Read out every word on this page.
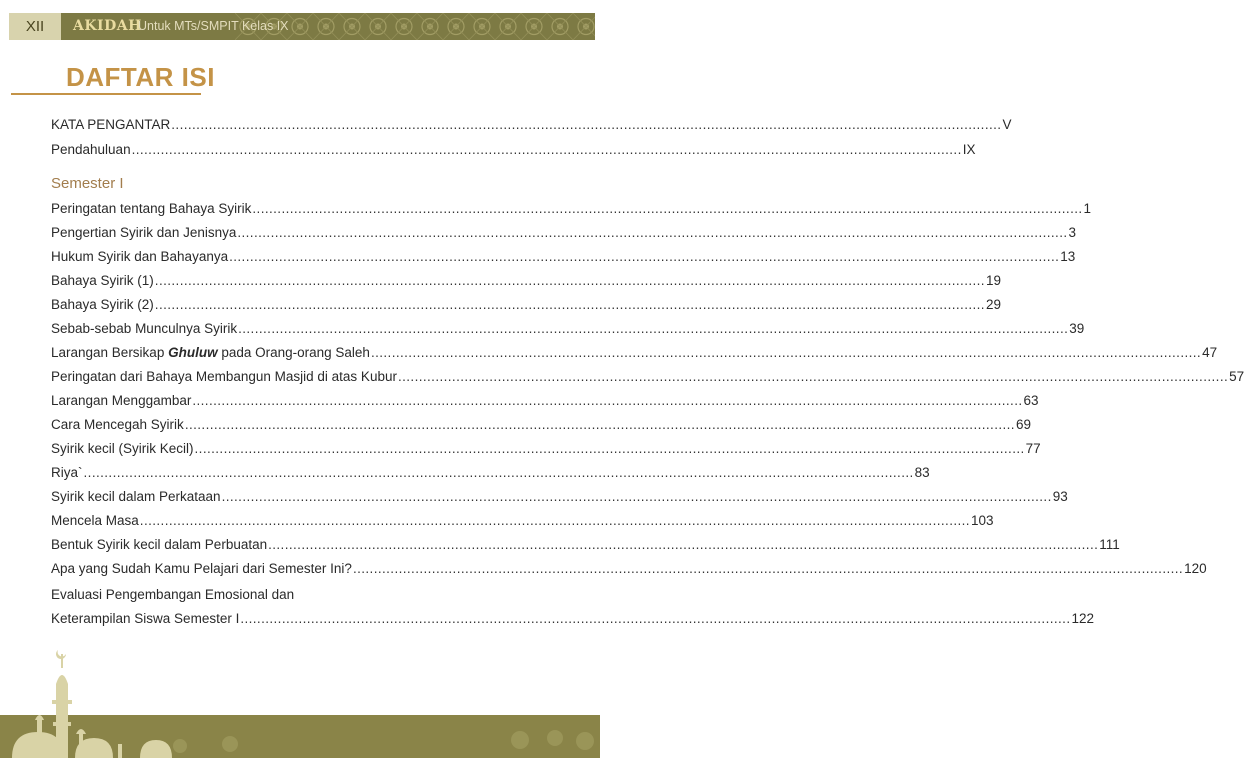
XII	AKIDAH
Untuk MTs/SMPIT Kelas IX
DAFTAR ISI
KATA PENGANTAR ........................................................................................................................................................................................................ V
Pendahuluan ........................................................................................................................................................................................................ IX
Semester I
Peringatan tentang Bahaya Syirik ........................................................................................................................................................................................................ 1
Pengertian Syirik dan Jenisnya ........................................................................................................................................................................................................ 3
Hukum Syirik dan Bahayanya ........................................................................................................................................................................................................ 13
Bahaya Syirik (1) ........................................................................................................................................................................................................ 19
Bahaya Syirik (2) ........................................................................................................................................................................................................ 29
Sebab-sebab Munculnya Syirik ........................................................................................................................................................................................................ 39
Larangan Bersikap Ghuluw pada Orang-orang Saleh ........................................................................................................................................................................................................ 47
Peringatan dari Bahaya Membangun Masjid di atas Kubur ........................................................................................................................................................................................................ 57
Larangan Menggambar ........................................................................................................................................................................................................ 63
Cara Mencegah Syirik ........................................................................................................................................................................................................ 69
Syirik kecil (Syirik Kecil) ........................................................................................................................................................................................................ 77
Riya` ........................................................................................................................................................................................................ 83
Syirik kecil dalam Perkataan ........................................................................................................................................................................................................ 93
Mencela Masa ........................................................................................................................................................................................................ 103
Bentuk Syirik kecil dalam Perbuatan ........................................................................................................................................................................................................ 111
Apa yang Sudah Kamu Pelajari dari Semester Ini? ........................................................................................................................................................................................................ 120
Evaluasi Pengembangan Emosional dan
Keterampilan Siswa Semester I ........................................................................................................................................................................................................ 122
